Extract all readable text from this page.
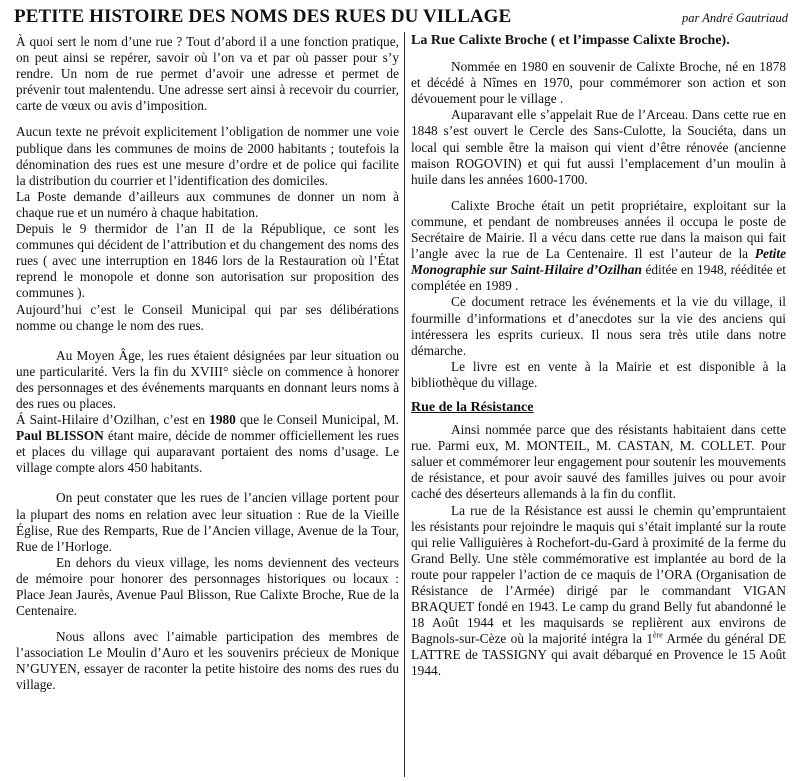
PETITE HISTOIRE DES NOMS DES RUES DU VILLAGE	par André Gautriaud

À quoi sert le nom d’une rue ? Tout d’abord il a une fonction pratique, on peut ainsi se repérer, savoir où l’on va et par où passer pour s’y rendre. Un nom de rue permet d’avoir une adresse et permet de prévenir tout malentendu. Une adresse sert ainsi à recevoir du courrier, carte de vœux ou avis d’imposition.

Aucun texte ne prévoit explicitement l’obligation de nommer une voie publique dans les communes de moins de 2000 habitants ; toutefois la dénomination des rues est une mesure d’ordre et de police qui facilite la distribution du courrier et l’identification des domiciles.

La Poste demande d’ailleurs aux communes de donner un nom à chaque rue et un numéro à chaque habitation.

Depuis le 9 thermidor de l’an II de la République, ce sont les communes qui décident de l’attribution et du changement des noms des rues ( avec une interruption en 1846 lors de la Restauration où l’État reprend le monopole et donne son autorisation sur proposition des communes ).

Aujourd’hui c’est le Conseil Municipal qui par ses délibérations nomme ou change le nom des rues.

Au Moyen Âge, les rues étaient désignées par leur situation ou une particularité. Vers la fin du XVIII° siècle on commence à honorer des personnages et des événements marquants en donnant leurs noms à des rues ou places.

Á Saint-Hilaire d’Ozilhan, c’est en 1980 que le Conseil Municipal, M. Paul BLISSON étant maire, décide de nommer officiellement les rues et places du village qui auparavant portaient des noms d’usage. Le village compte alors 450 habitants.

On peut constater que les rues de l’ancien village portent pour la plupart des noms en relation avec leur situation : Rue de la Vieille Église, Rue des Remparts, Rue de l’Ancien village, Avenue de la Tour, Rue de l’Horloge.

En dehors du vieux village, les noms deviennent des vecteurs de mémoire pour honorer des personnages historiques ou locaux : Place Jean Jaurès, Avenue Paul Blisson, Rue Calixte Broche, Rue de la Centenaire.

Nous allons avec l’aimable participation des membres de l’association Le Moulin d’Auro et les souvenirs précieux de Monique N’GUYEN, essayer de raconter la petite histoire des noms des rues du village.

La Rue Calixte Broche ( et l’impasse Calixte Broche).

Nommée en 1980 en souvenir de Calixte Broche, né en 1878 et décédé à Nîmes en 1970, pour commémorer son action et son dévouement pour le village .

Auparavant elle s’appelait Rue de l’Arceau. Dans cette rue en 1848 s’est ouvert le Cercle des Sans-Culotte, la Souciéta, dans un local qui semble être la maison qui vient d’être rénovée (ancienne maison ROGOVIN) et qui fut aussi l’emplacement d’un moulin à huile dans les années 1600-1700.

Calixte Broche était un petit propriétaire, exploitant sur la commune, et pendant de nombreuses années il occupa le poste de Secrétaire de Mairie. Il a vécu dans cette rue dans la maison qui fait l’angle avec la rue de La Centenaire. Il est l’auteur de la Petite Monographie sur Saint-Hilaire d’Ozilhan éditée en 1948, rééditée et complétée en 1989 .

Ce document retrace les événements et la vie du village, il fourmille d’informations et d’anecdotes sur la vie des anciens qui intéressera les esprits curieux. Il nous sera très utile dans notre démarche.

Le livre est en vente à la Mairie et est disponible à la bibliothèque du village.

Rue de la Résistance

Ainsi nommée parce que des résistants habitaient dans cette rue. Parmi eux, M. MONTEIL, M. CASTAN, M. COLLET. Pour saluer et commémorer leur engagement pour soutenir les mouvements de résistance, et pour avoir sauvé des familles juives ou pour avoir caché des déserteurs allemands à la fin du conflit.

La rue de la Résistance est aussi le chemin qu’empruntaient les résistants pour rejoindre le maquis qui s’était implanté sur la route qui relie Valliguières à Rochefort-du-Gard à proximité de la ferme du Grand Belly. Une stèle commémorative est implantée au bord de la route pour rappeler l’action de ce maquis de l’ORA (Organisation de Résistance de l’Armée) dirigé par le commandant VIGAN BRAQUET fondé en 1943. Le camp du grand Belly fut abandonné le 18 Août 1944 et les maquisards se replièrent aux environs de Bagnols-sur-Cèze où la majorité intégra la 1ère Armée du général DE LATTRE de TASSIGNY qui avait débarqué en Provence le 15 Août 1944.
